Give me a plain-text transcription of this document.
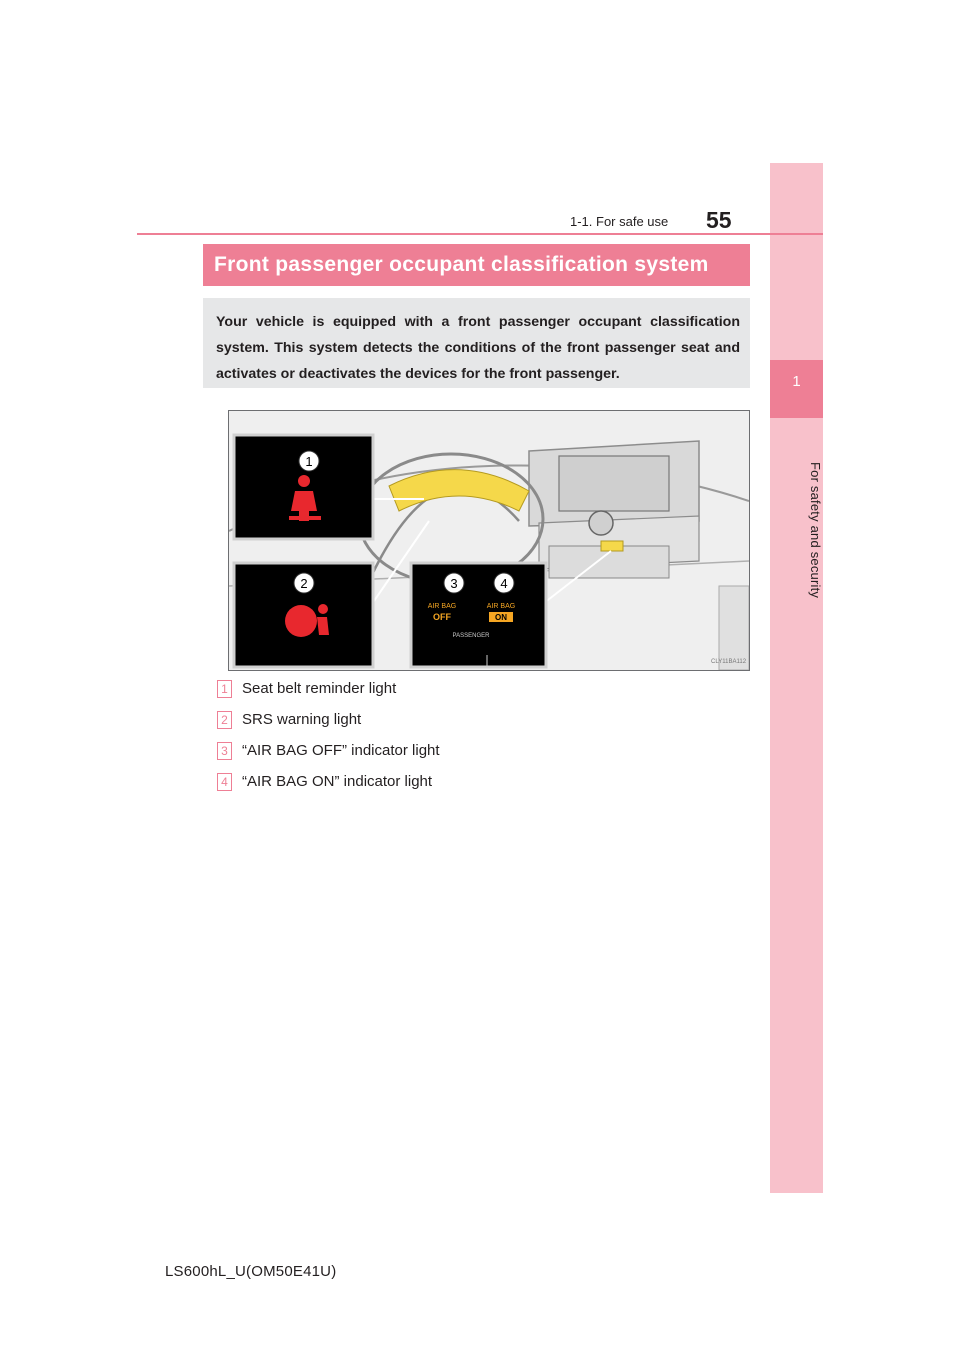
1
For safety and security
1-1. For safe use 55
Front passenger occupant classification system
Your vehicle is equipped with a front passenger occupant classification system. This system detects the conditions of the front passenger seat and activates or deactivates the devices for the front passenger.
1
2	3	4
AIR BAG
OFF
AIR BAG
ON
PASSENGER
CLY11BA112
1 Seat belt reminder light
2 SRS warning light
3 “AIR BAG OFF” indicator light
4 “AIR BAG ON” indicator light
LS600hL_U(OM50E41U)
